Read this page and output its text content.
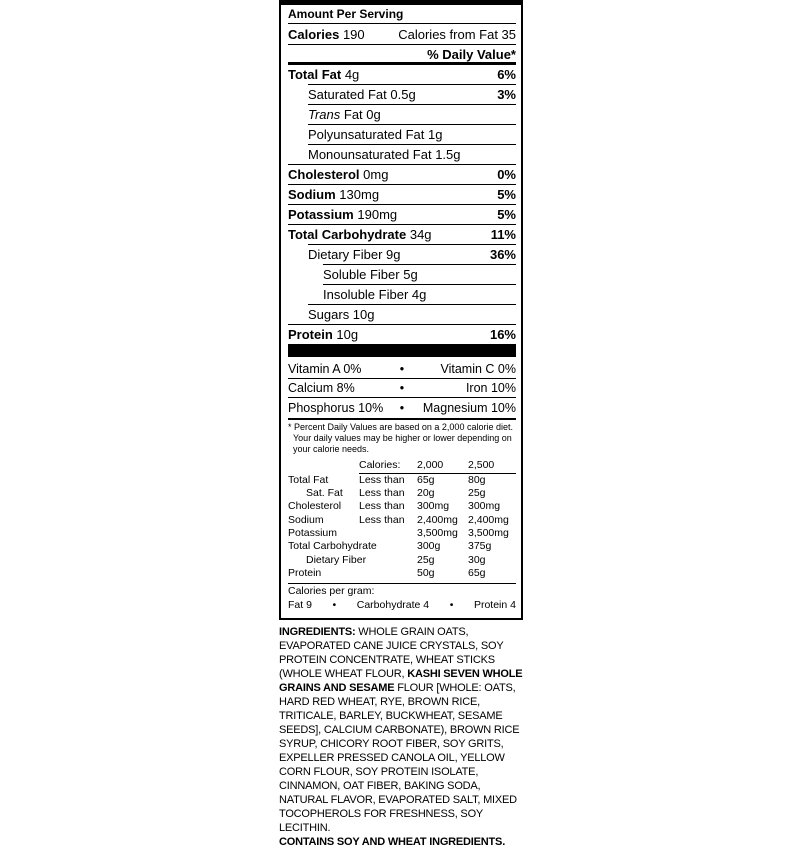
Amount Per Serving
Calories 190	Calories from Fat 35
% Daily Value*
Total Fat 4g	6%
Saturated Fat 0.5g	3%
Trans Fat 0g
Polyunsaturated Fat 1g
Monounsaturated Fat 1.5g
Cholesterol 0mg	0%
Sodium 130mg	5%
Potassium 190mg	5%
Total Carbohydrate 34g	11%
Dietary Fiber 9g	36%
Soluble Fiber 5g
Insoluble Fiber 4g
Sugars 10g
Protein 10g	16%
Vitamin A 0%	•	Vitamin C 0%
Calcium 8%	•	Iron 10%
Phosphorus 10%	•	Magnesium 10%
* Percent Daily Values are based on a 2,000 calorie diet.
Your daily values may be higher or lower depending on
your calorie needs.
Calories: 2,000 2,500
Total Fat	Less than 65g	80g
Sat. Fat Less than 20g	25g
Cholesterol Less than 300mg 300mg
Sodium	Less than 2,400mg 2,400mg
Potassium	3,500mg 3,500mg
Total Carbohydrate	300g	375g
Dietary Fiber	25g	30g
Protein	50g	65g
Calories per gram:
Fat 9 • Carbohydrate 4 • Protein 4
INGREDIENTS: WHOLE GRAIN OATS,
EVAPORATED CANE JUICE CRYSTALS, SOY
PROTEIN CONCENTRATE, WHEAT STICKS
(WHOLE WHEAT FLOUR, KASHI SEVEN WHOLE
GRAINS AND SESAME FLOUR [WHOLE: OATS,
HARD RED WHEAT, RYE, BROWN RICE,
TRITICALE, BARLEY, BUCKWHEAT, SESAME
SEEDS], CALCIUM CARBONATE), BROWN RICE
SYRUP, CHICORY ROOT FIBER, SOY GRITS,
EXPELLER PRESSED CANOLA OIL, YELLOW
CORN FLOUR, SOY PROTEIN ISOLATE,
CINNAMON, OAT FIBER, BAKING SODA,
NATURAL FLAVOR, EVAPORATED SALT, MIXED
TOCOPHEROLS FOR FRESHNESS, SOY
LECITHIN.
CONTAINS SOY AND WHEAT INGREDIENTS.
